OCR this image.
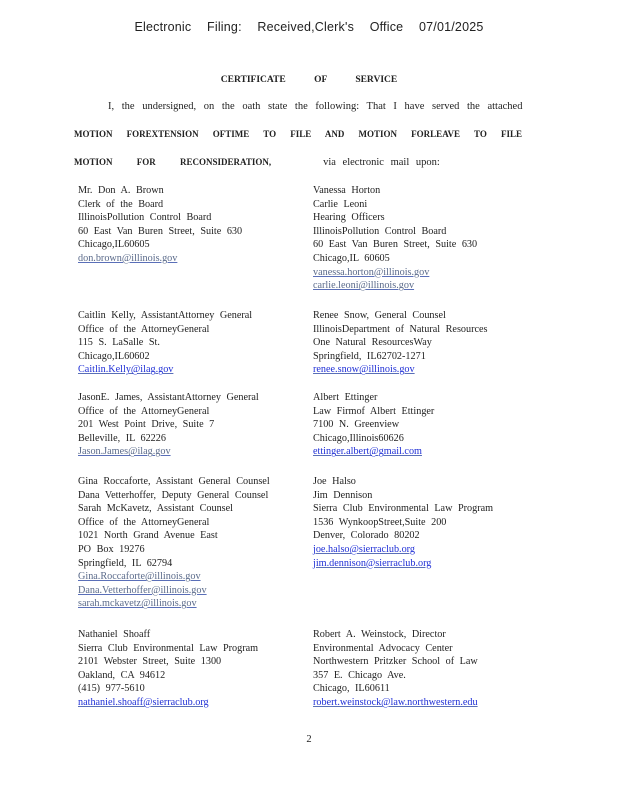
Electronic Filing: Received,Clerk's Office 07/01/2025
CERTIFICATE OF SERVICE
I, the undersigned, on the oath state the following: That I have served the attached
MOTION FOREXTENSION OFTIME TO FILE AND MOTION FORLEAVE TO FILE
MOTION FOR RECONSIDERATION,	via electronic mail upon:
Mr. Don A. Brown
Clerk of the Board
IllinoisPollution Control Board
60 East Van Buren Street, Suite 630
Chicago,IL60605
don.brown@illinois.gov
Caitlin Kelly, AssistantAttorney General
Office of the AttorneyGeneral
115 S. LaSalle St.
Chicago,IL60602
Caitlin.Kelly@ilag.gov
JasonE. James, AssistantAttorney General
Office of the AttorneyGeneral
201 West Point Drive, Suite 7
Belleville, IL 62226
Jason.James@ilag.gov
Gina Roccaforte, Assistant General Counsel
Dana Vetterhoffer, Deputy General Counsel
Sarah McKavetz, Assistant Counsel
Office of the AttorneyGeneral
1021 North Grand Avenue East
PO Box 19276
Springfield, IL 62794
Gina.Roccaforte@illinois.gov
Dana.Vetterhoffer@illinois.gov
sarah.mckavetz@illinois.gov
Nathaniel Shoaff
Sierra Club Environmental Law Program
2101 Webster Street, Suite 1300
Oakland, CA 94612
(415) 977-5610
nathaniel.shoaff@sierraclub.org
Vanessa Horton
Carlie Leoni
Hearing Officers
IllinoisPollution Control Board
60 East Van Buren Street, Suite 630
Chicago,IL 60605
vanessa.horton@illinois.gov
carlie.leoni@illinois.gov
Renee Snow, General Counsel
IllinoisDepartment of Natural Resources
One Natural ResourcesWay
Springfield, IL62702-1271
renee.snow@illinois.gov
Albert Ettinger
Law Firmof Albert Ettinger
7100 N. Greenview
Chicago,Illinois60626
ettinger.albert@gmail.com
Joe Halso
Jim Dennison
Sierra Club Environmental Law Program
1536 WynkoopStreet,Suite 200
Denver, Colorado 80202
joe.halso@sierraclub.org
jim.dennison@sierraclub.org
Robert A. Weinstock, Director
Environmental Advocacy Center
Northwestern Pritzker School of Law
357 E. Chicago Ave.
Chicago, IL60611
robert.weinstock@law.northwestern.edu
2
